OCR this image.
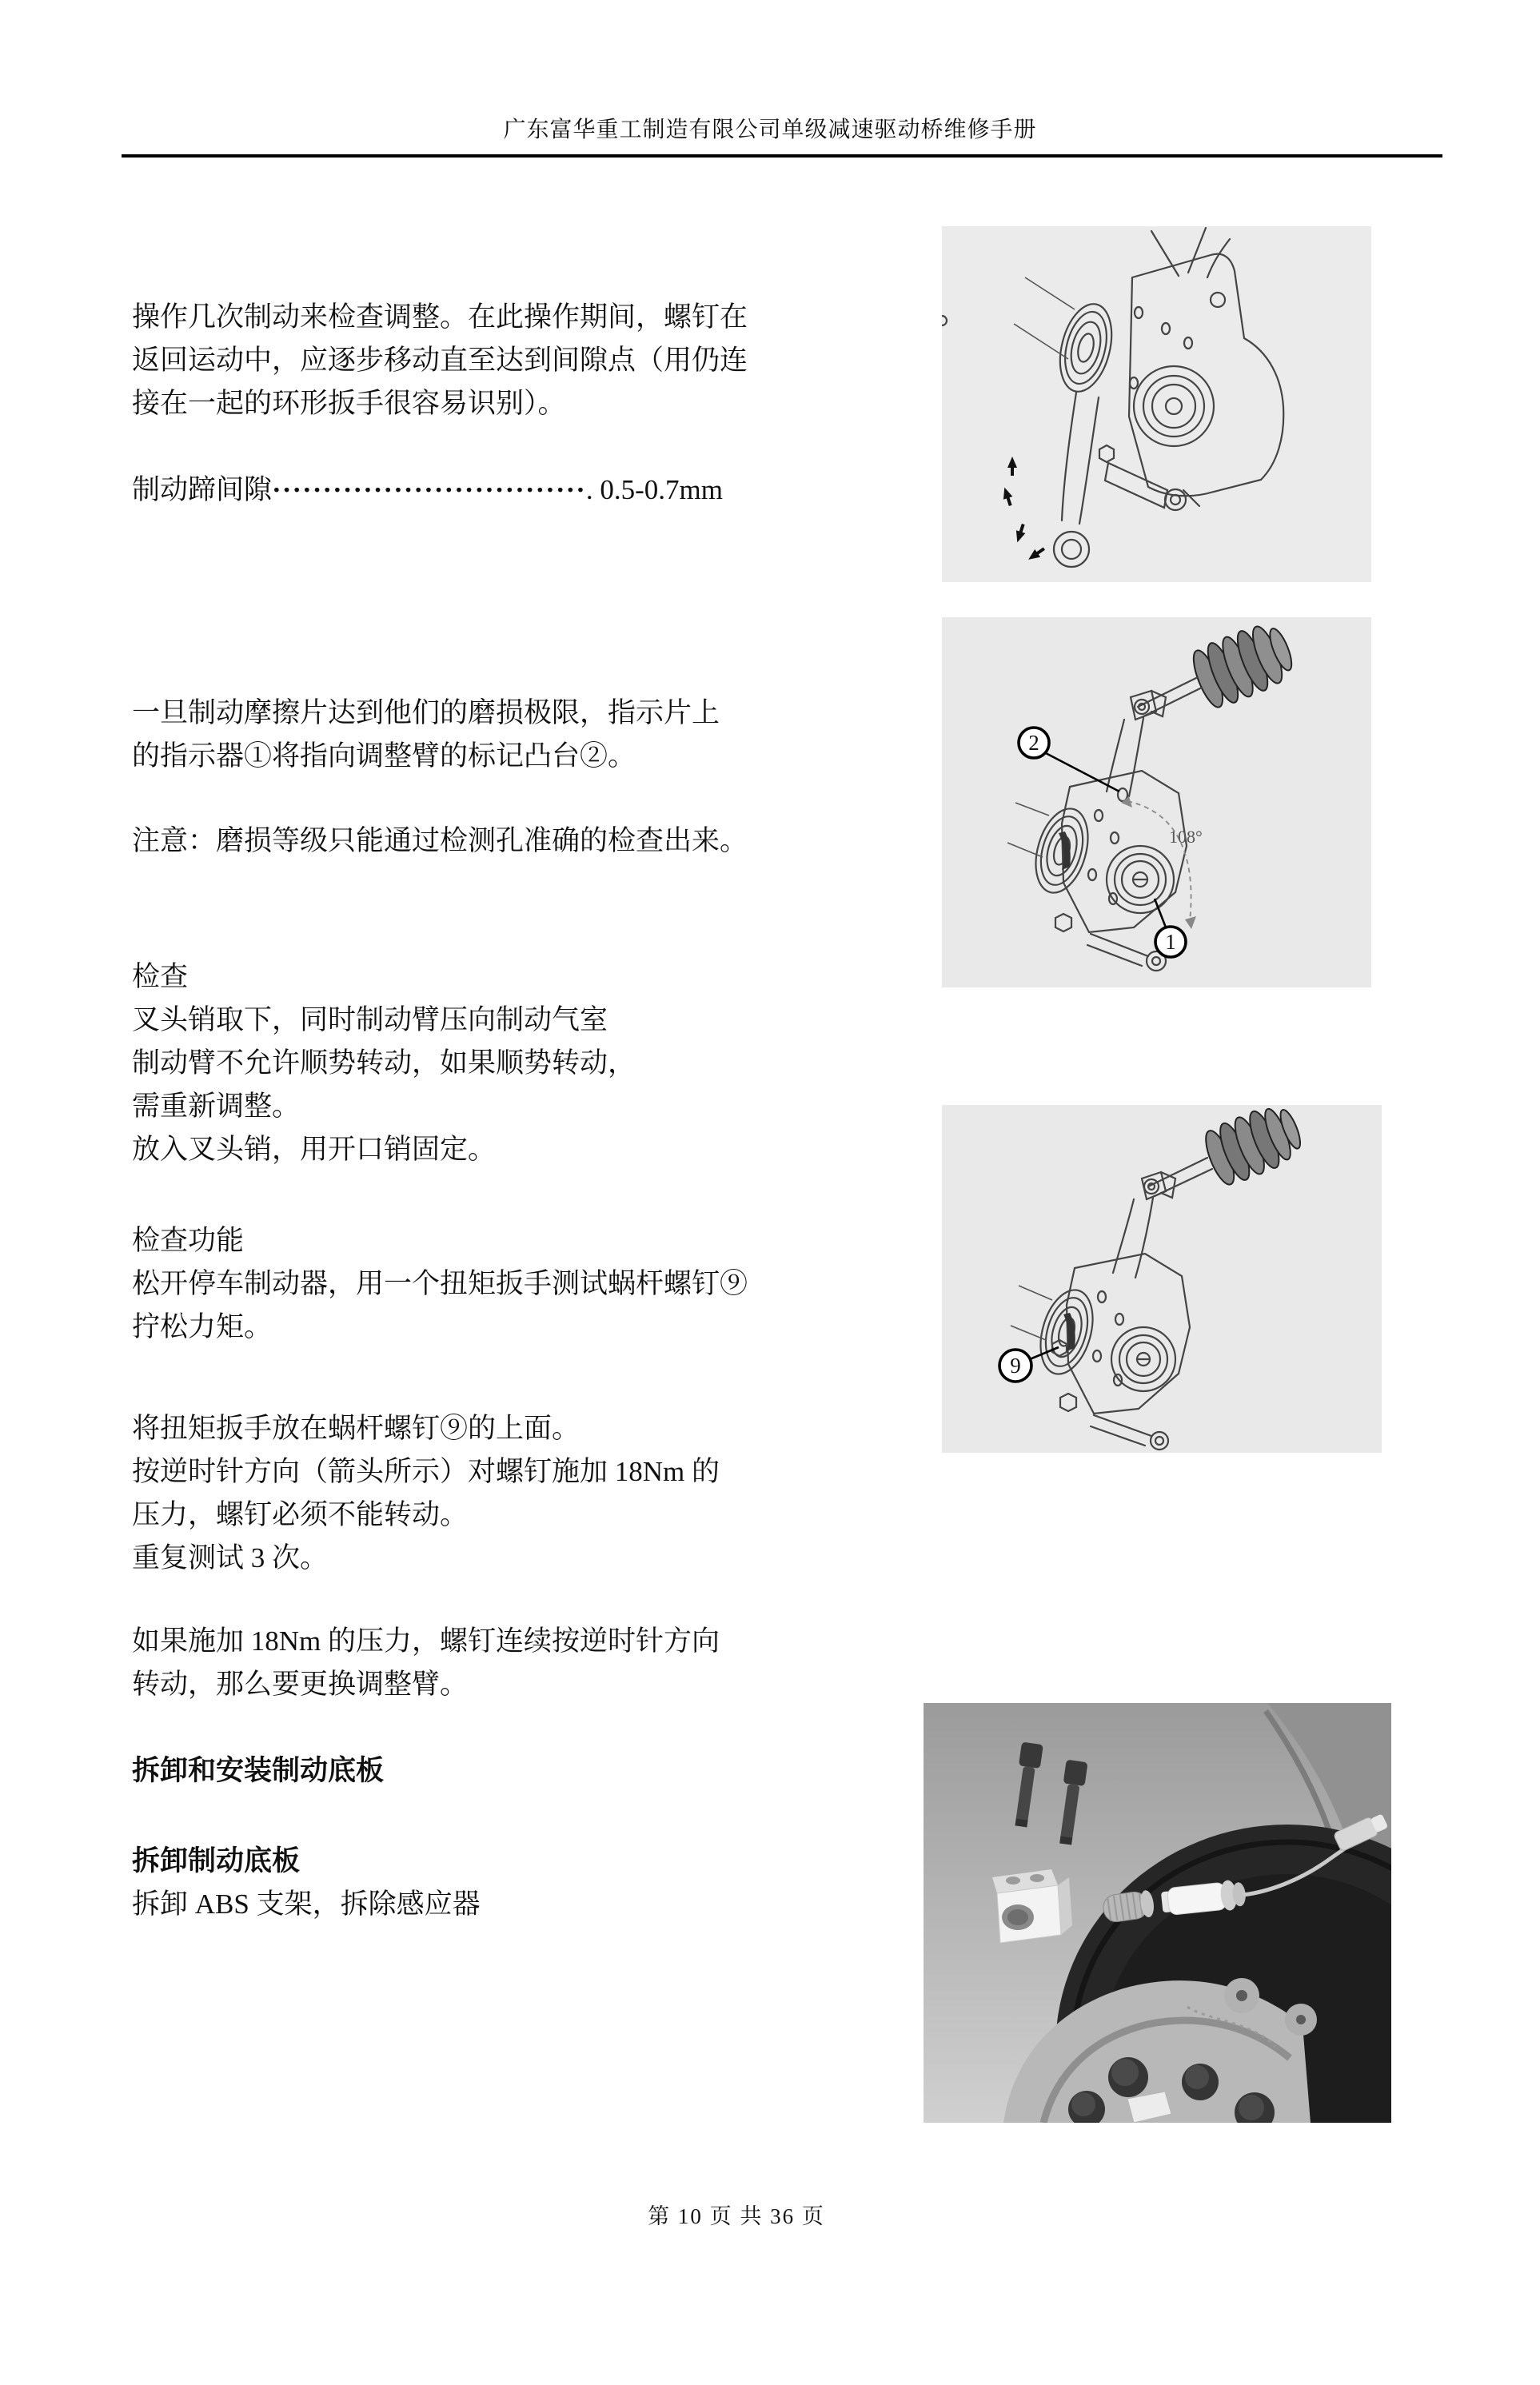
广东富华重工制造有限公司单级减速驱动桥维修手册
操作几次制动来检查调整。在此操作期间，螺钉在
返回运动中，应逐步移动直至达到间隙点（用仍连
接在一起的环形扳手很容易识别）。
制动蹄间隙·······························. 0.5-0.7mm
一旦制动摩擦片达到他们的磨损极限，指示片上
的指示器①将指向调整臂的标记凸台②。
注意：磨损等级只能通过检测孔准确的检查出来。
检查
叉头销取下，同时制动臂压向制动气室
制动臂不允许顺势转动，如果顺势转动，
需重新调整。
放入叉头销，用开口销固定。
检查功能
松开停车制动器，用一个扭矩扳手测试蜗杆螺钉⑨
拧松力矩。
将扭矩扳手放在蜗杆螺钉⑨的上面。
按逆时针方向（箭头所示）对螺钉施加 18Nm 的
压力，螺钉必须不能转动。
重复测试 3 次。
如果施加 18Nm 的压力，螺钉连续按逆时针方向
转动，那么要更换调整臂。
拆卸和安装制动底板
拆卸制动底板
拆卸 ABS 支架，拆除感应器
108°
2
1
9
第 10 页 共 36 页
